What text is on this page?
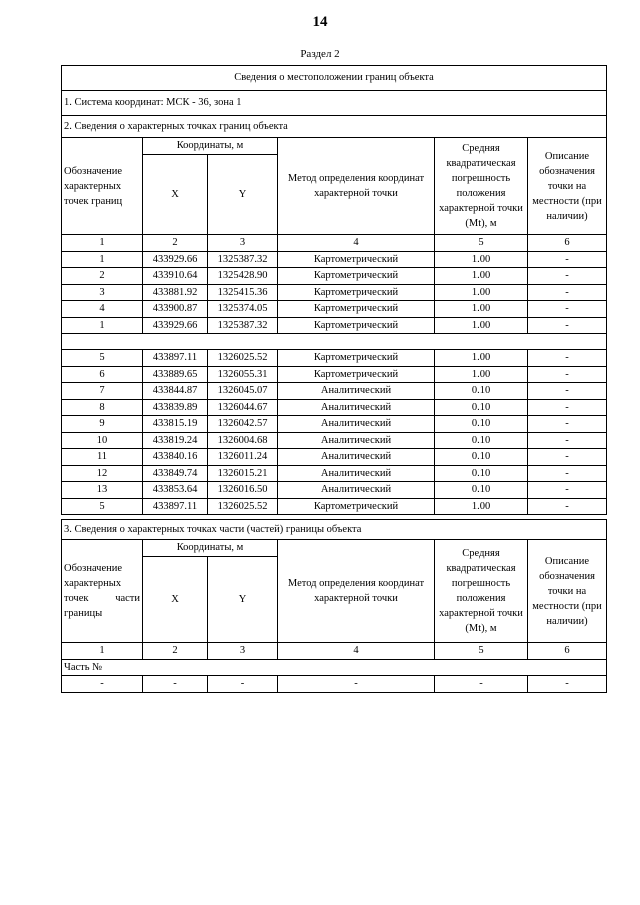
14
Раздел 2
Сведения о местоположении границ объекта					
1. Система координат: МСК - 36, зона 1					
2. Сведения о характерных точках границ объекта					
Обозначение характерных точек границ	Координаты, м		Метод определения координат характерной точки	Средняя квадратическая погрешность положения характерной точки (Mt), м	Описание обозначения точки на местности (при наличии)
	X	Y			
1	2	3	4	5	6
1	433929.66	1325387.32	Картометрический	1.00	-
2	433910.64	1325428.90	Картометрический	1.00	-
3	433881.92	1325415.36	Картометрический	1.00	-
4	433900.87	1325374.05	Картометрический	1.00	-
1	433929.66	1325387.32	Картометрический	1.00	-

5	433897.11	1326025.52	Картометрический	1.00	-
6	433889.65	1326055.31	Картометрический	1.00	-
7	433844.87	1326045.07	Аналитический	0.10	-
8	433839.89	1326044.67	Аналитический	0.10	-
9	433815.19	1326042.57	Аналитический	0.10	-
10	433819.24	1326004.68	Аналитический	0.10	-
11	433840.16	1326011.24	Аналитический	0.10	-
12	433849.74	1326015.21	Аналитический	0.10	-
13	433853.64	1326016.50	Аналитический	0.10	-
5	433897.11	1326025.52	Картометрический	1.00	-
3. Сведения о характерных точках части (частей) границы объекта					
Обозначение характерных точек части границы	Координаты, м		Метод определения координат характерной точки	Средняя квадратическая погрешность положения характерной точки (Mt), м	Описание обозначения точки на местности (при наличии)
	X	Y			
1	2	3	4	5	6
Часть №					
-	-	-	-	-	-
